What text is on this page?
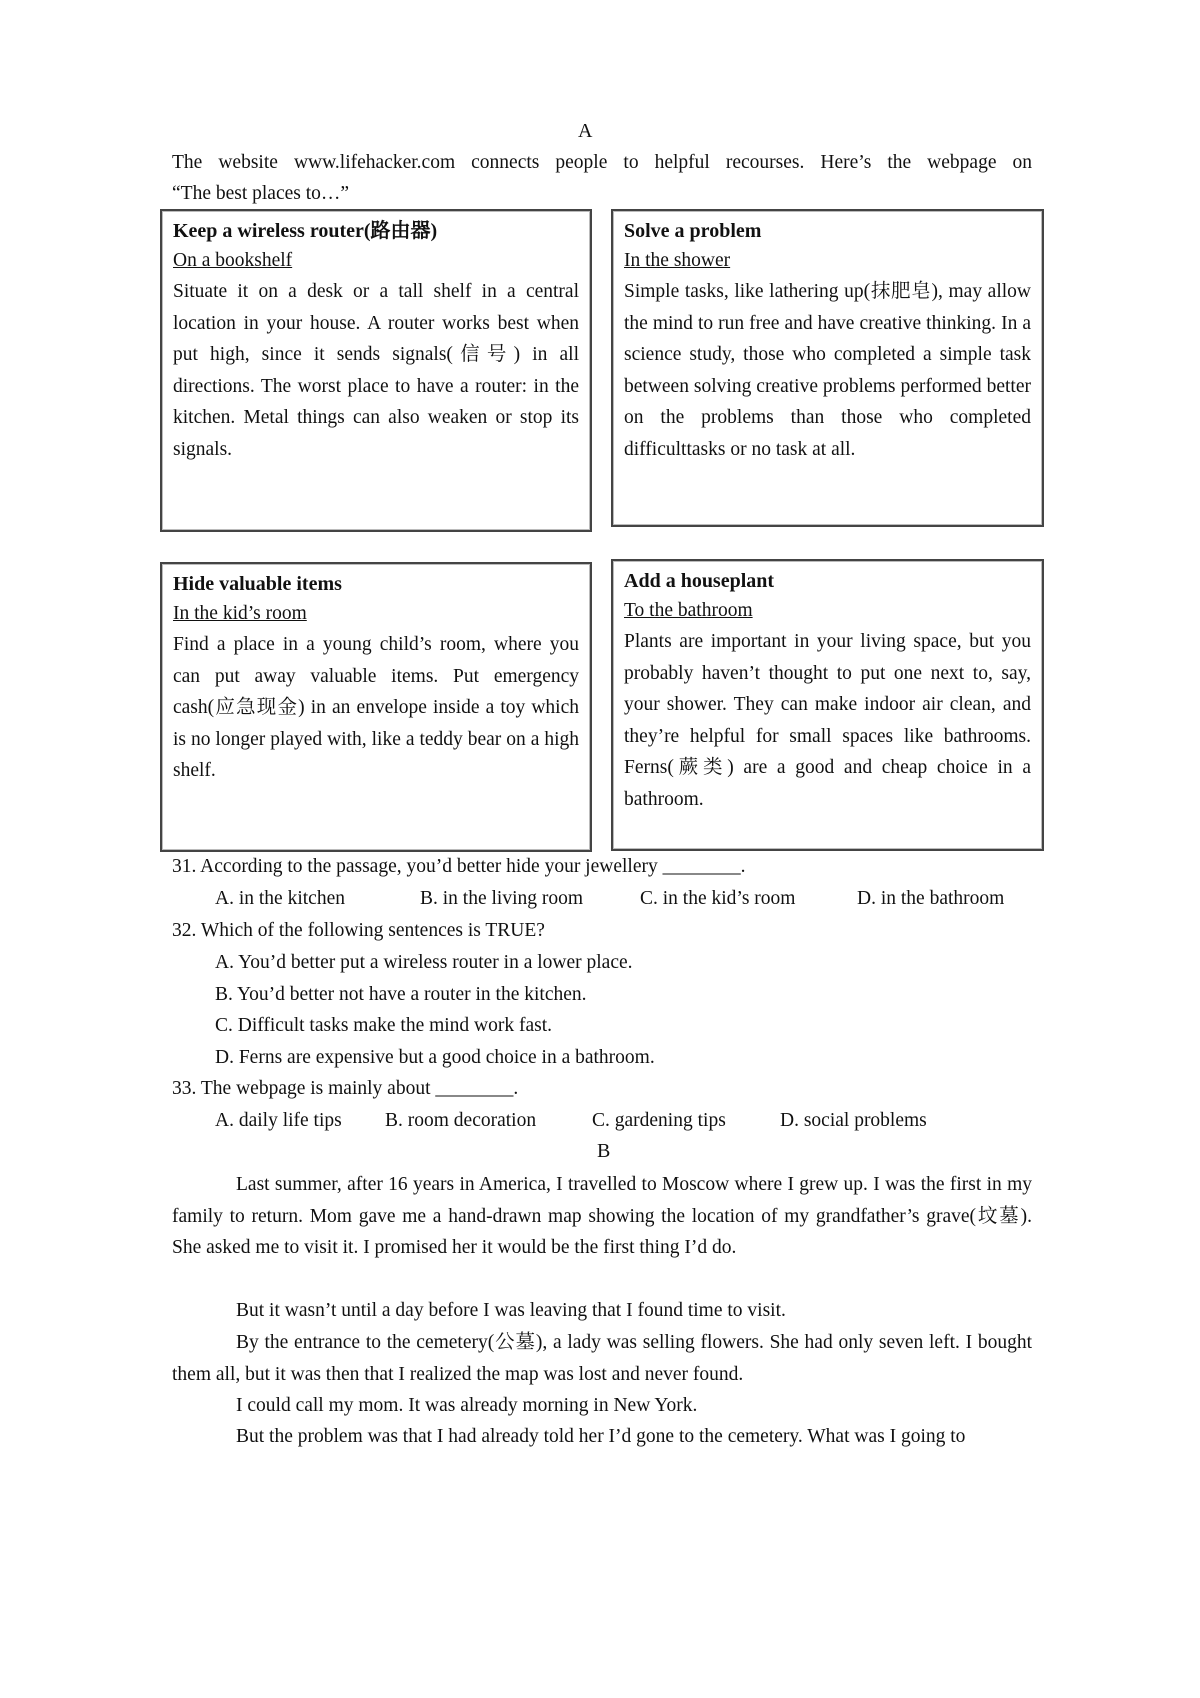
A
The website www.lifehacker.com connects people to helpful recourses. Here’s the webpage on
“The best places to…”
Keep a wireless router(路由器)
On a bookshelf
Situate it on a desk or a tall shelf in a central location in your house. A router works best when put high, since it sends signals(信号) in all directions. The worst place to have a router: in the kitchen. Metal things can also weaken or stop its signals.
Solve a problem
In the shower
Simple tasks, like lathering up(抹肥皂), may allow the mind to run free and have creative thinking. In a science study, those who completed a simple task between solving creative problems performed better on the problems than those who completed difficulttasks or no task at all.
Hide valuable items
In the kid’s room
Find a place in a young child’s room, where you can put away valuable items. Put emergency cash(应急现金) in an envelope inside a toy which is no longer played with, like a teddy bear on a high shelf.
Add a houseplant
To the bathroom
Plants are important in your living space, but you probably haven’t thought to put one next to, say, your shower. They can make indoor air clean, and they’re helpful for small spaces like bathrooms. Ferns(蕨类) are a good and cheap choice in a bathroom.
31. According to the passage, you’d better hide your jewellery ________.
A. in the kitchen	B. in the living room	C. in the kid’s room	D. in the bathroom
32. Which of the following sentences is TRUE?
A. You’d better put a wireless router in a lower place.
B. You’d better not have a router in the kitchen.
C. Difficult tasks make the mind work fast.
D. Ferns are expensive but a good choice in a bathroom.
33. The webpage is mainly about ________.
A. daily life tips B. room decoration	C. gardening tips	D. social problems
B
Last summer, after 16 years in America, I travelled to Moscow where I grew up. I was the first in my family to return. Mom gave me a hand-drawn map showing the location of my grandfather’s grave(坟墓). She asked me to visit it. I promised her it would be the first thing I’d do.
But it wasn’t until a day before I was leaving that I found time to visit.
By the entrance to the cemetery(公墓), a lady was selling flowers. She had only seven left. I bought them all, but it was then that I realized the map was lost and never found.
I could call my mom. It was already morning in New York.
But the problem was that I had already told her I’d gone to the cemetery. What was I going to
